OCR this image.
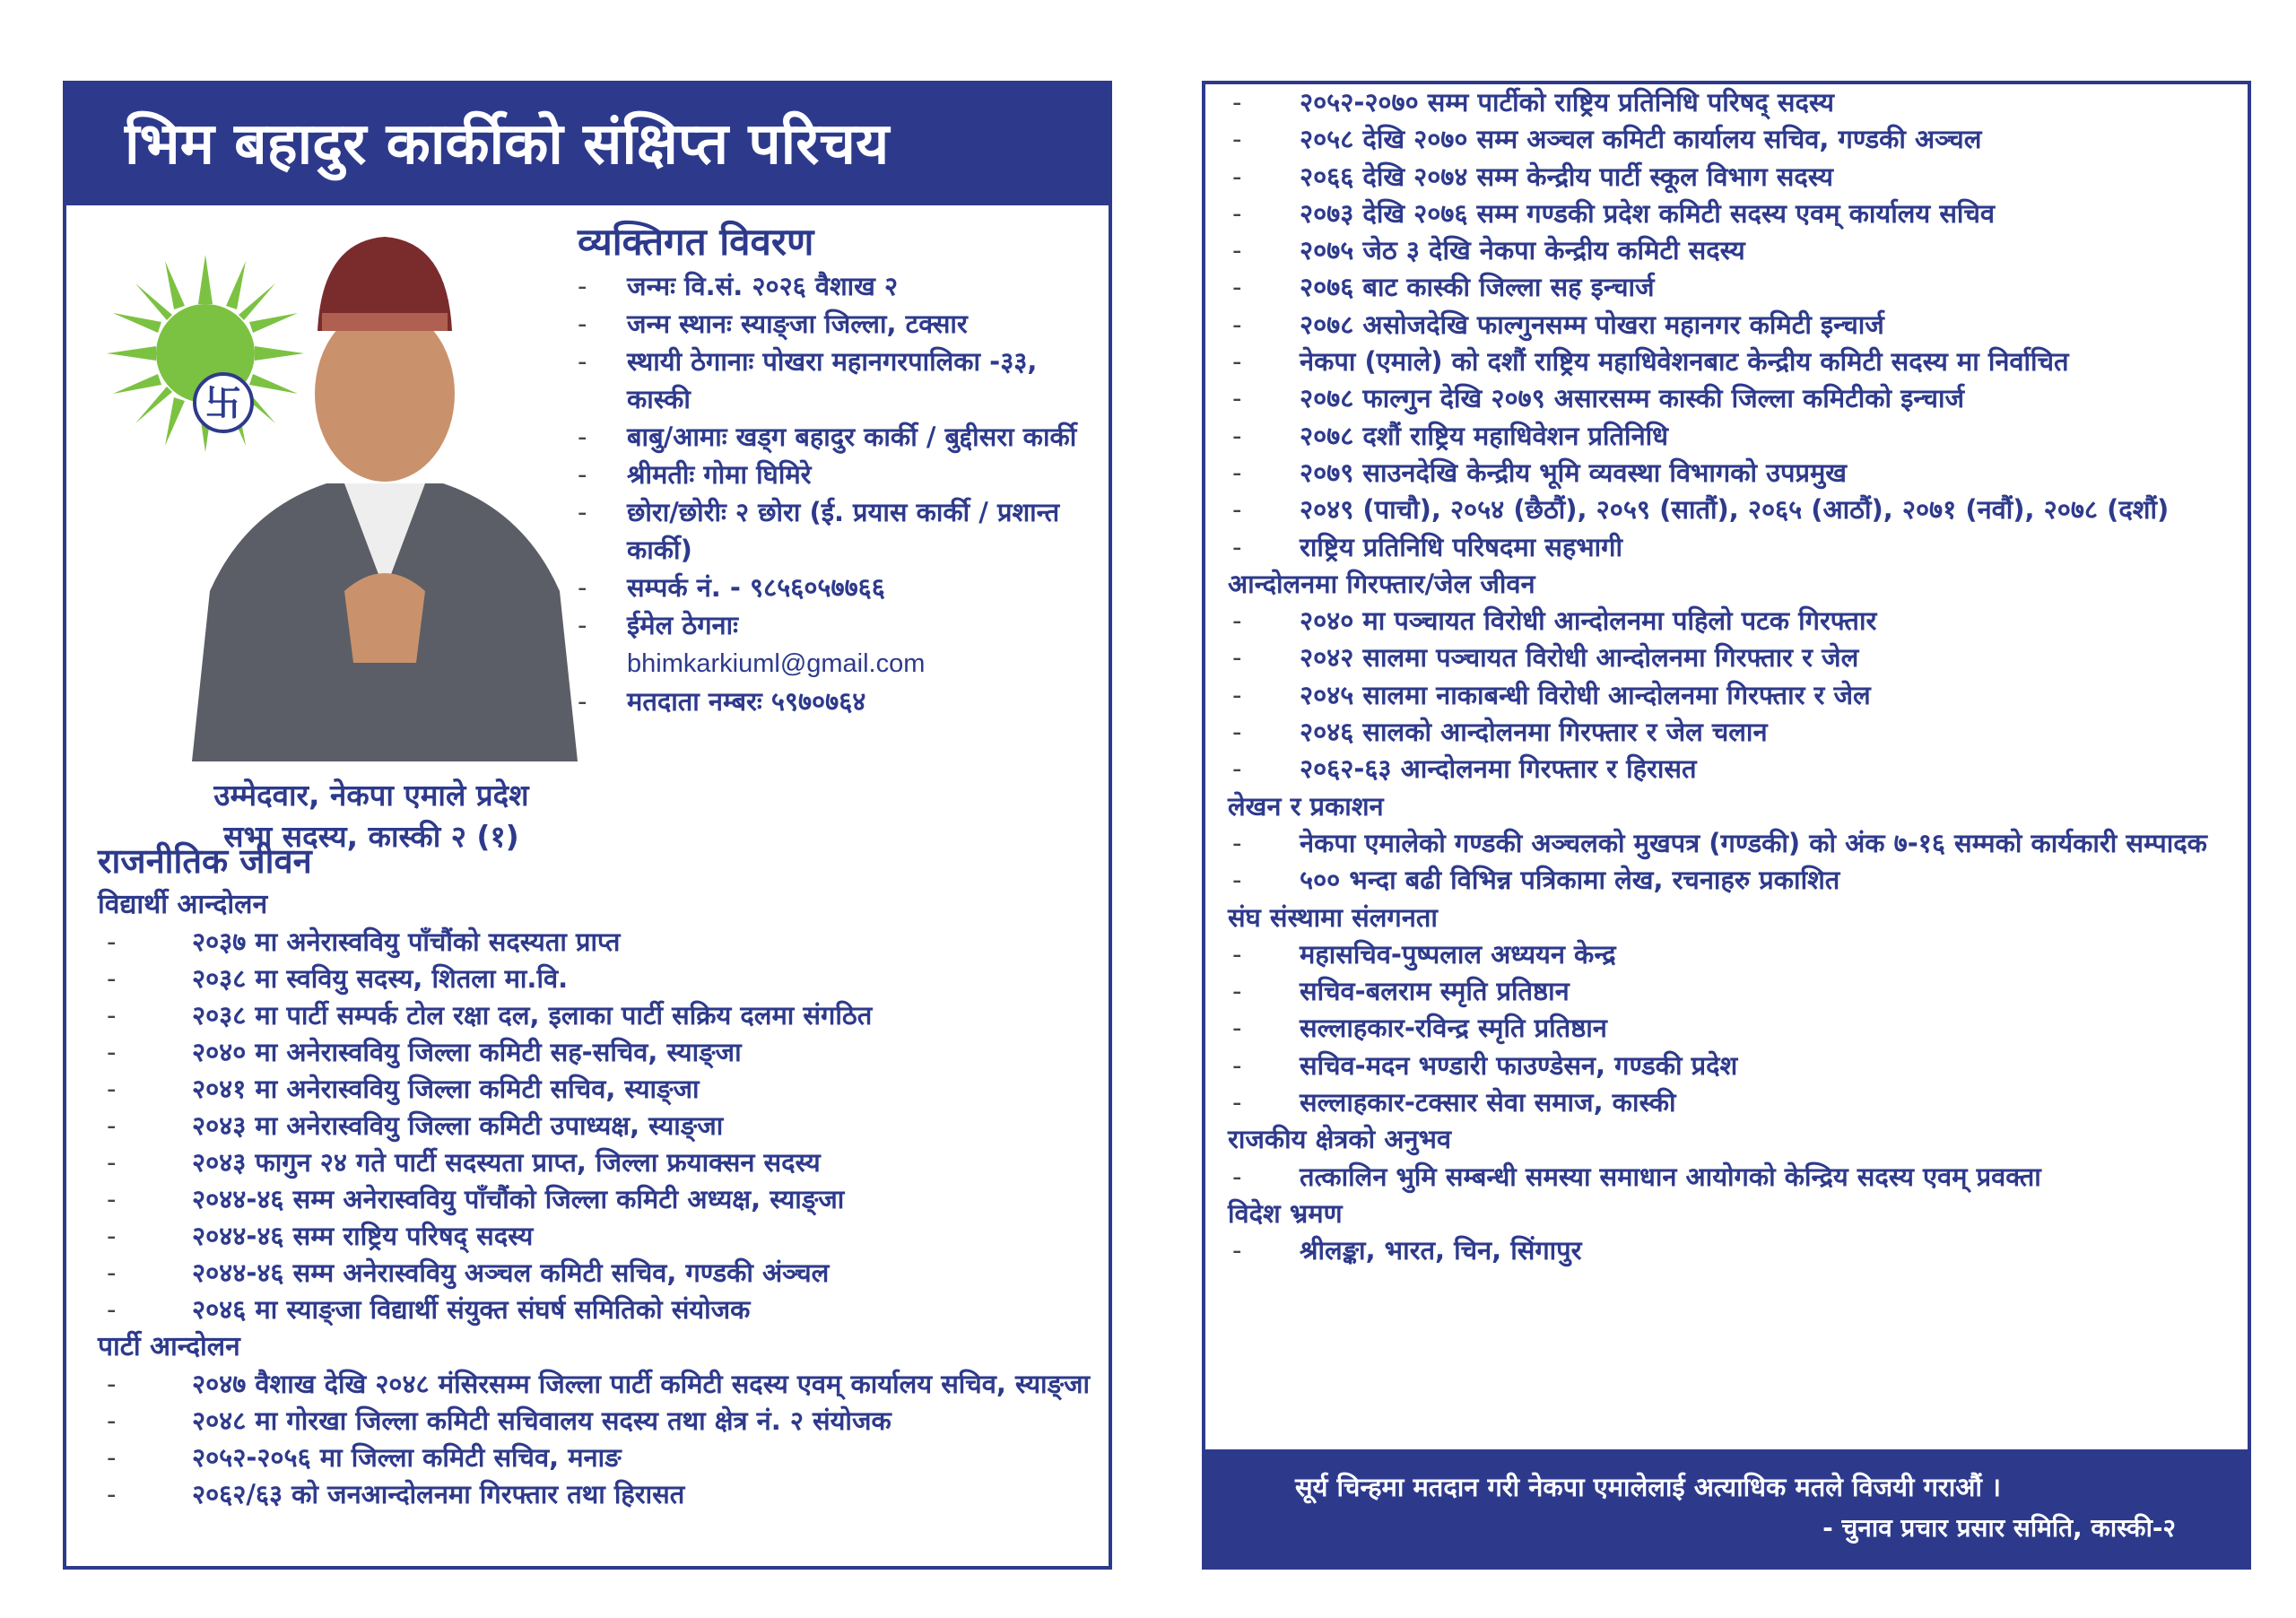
भिम बहादुर कार्कीको संक्षिप्त परिचय
卐
उम्मेदवार, नेकपा एमाले प्रदेश
सभा सदस्य, कास्की २ (१)
व्यक्तिगत विवरण
- जन्मः वि.सं. २०२६ वैशाख २
- जन्म स्थानः स्याङ्जा जिल्ला, टक्सार
- स्थायी ठेगानाः पोखरा महानगरपालिका -३३, कास्की
- बाबु/आमाः खड्ग बहादुर कार्की / बुद्दीसरा कार्की
- श्रीमतीः गोमा घिमिरे
- छोरा/छोरीः २ छोरा (ई. प्रयास कार्की / प्रशान्त कार्की)
- सम्पर्क नं. - ९८५६०५७७६६
- ईमेल ठेगनाः
bhimkarkiuml@gmail.com
- मतदाता नम्बरः ५९७०७६४
राजनीतिक जीवन
विद्यार्थी आन्दोलन
-	२०३७ मा अनेरास्ववियु पाँचौंको सदस्यता प्राप्त
-	२०३८ मा स्ववियु सदस्य, शितला मा.वि.
-	२०३८ मा पार्टी सम्पर्क टोल रक्षा दल, इलाका पार्टी सक्रिय दलमा संगठित
-	२०४० मा अनेरास्ववियु जिल्ला कमिटी सह-सचिव, स्याङ्जा
-	२०४१ मा अनेरास्ववियु जिल्ला कमिटी सचिव, स्याङ्जा
-	२०४३ मा अनेरास्ववियु जिल्ला कमिटी उपाध्यक्ष, स्याङ्जा
-	२०४३ फागुन २४ गते पार्टी सदस्यता प्राप्त, जिल्ला फ्रयाक्सन सदस्य
-	२०४४-४६ सम्म अनेरास्ववियु पाँचौंको जिल्ला कमिटी अध्यक्ष, स्याङ्जा
-	२०४४-४६ सम्म राष्ट्रिय परिषद् सदस्य
-	२०४४-४६ सम्म अनेरास्ववियु अञ्चल कमिटी सचिव, गण्डकी अंञ्चल
-	२०४६ मा स्याङ्जा विद्यार्थी संयुक्त संघर्ष समितिको संयोजक
पार्टी आन्दोलन
-	२०४७ वैशाख देखि २०४८ मंसिरसम्म जिल्ला पार्टी कमिटी सदस्य एवम् कार्यालय सचिव, स्याङ्जा
-	२०४८ मा गोरखा जिल्ला कमिटी सचिवालय सदस्य तथा क्षेत्र नं. २ संयोजक
-	२०५२-२०५६ मा जिल्ला कमिटी सचिव, मनाङ
-	२०६२/६३ को जनआन्दोलनमा गिरफ्तार तथा हिरासत
- २०५२-२०७० सम्म पार्टीको राष्ट्रिय प्रतिनिधि परिषद् सदस्य
- २०५८ देखि २०७० सम्म अञ्चल कमिटी कार्यालय सचिव, गण्डकी अञ्चल
- २०६६ देखि २०७४ सम्म केन्द्रीय पार्टी स्कूल विभाग सदस्य
- २०७३ देखि २०७६ सम्म गण्डकी प्रदेश कमिटी सदस्य एवम् कार्यालय सचिव
- २०७५ जेठ ३ देखि नेकपा केन्द्रीय कमिटी सदस्य
- २०७६ बाट कास्की जिल्ला सह इन्चार्ज
- २०७८ असोजदेखि फाल्गुनसम्म पोखरा महानगर कमिटी इन्चार्ज
- नेकपा (एमाले) को दशौं राष्ट्रिय महाधिवेशनबाट केन्द्रीय कमिटी सदस्य मा निर्वाचित
- २०७८ फाल्गुन देखि २०७९ असारसम्म कास्की जिल्ला कमिटीको इन्चार्ज
- २०७८ दशौं राष्ट्रिय महाधिवेशन प्रतिनिधि
- २०७९ साउनदेखि केन्द्रीय भूमि व्यवस्था विभागको उपप्रमुख
- २०४९ (पाचौ), २०५४ (छैठौं), २०५९ (सातौं), २०६५ (आठौं), २०७१ (नवौं), २०७८ (दशौं)
- राष्ट्रिय प्रतिनिधि परिषदमा सहभागी
आन्दोलनमा गिरफ्तार/जेल जीवन
- २०४० मा पञ्चायत विरोधी आन्दोलनमा पहिलो पटक गिरफ्तार
- २०४२ सालमा पञ्चायत विरोधी आन्दोलनमा गिरफ्तार र जेल
- २०४५ सालमा नाकाबन्धी विरोधी आन्दोलनमा गिरफ्तार र जेल
- २०४६ सालको आन्दोलनमा गिरफ्तार र जेल चलान
- २०६२-६३ आन्दोलनमा गिरफ्तार र हिरासत
लेखन र प्रकाशन
- नेकपा एमालेको गण्डकी अञ्चलको मुखपत्र (गण्डकी) को अंक ७-१६ सम्मको कार्यकारी सम्पादक
- ५०० भन्दा बढी विभिन्न पत्रिकामा लेख, रचनाहरु प्रकाशित
संघ संस्थामा संलगनता
- महासचिव-पुष्पलाल अध्ययन केन्द्र
- सचिव-बलराम स्मृति प्रतिष्ठान
- सल्लाहकार-रविन्द्र स्मृति प्रतिष्ठान
- सचिव-मदन भण्डारी फाउण्डेसन, गण्डकी प्रदेश
- सल्लाहकार-टक्सार सेवा समाज, कास्की
राजकीय क्षेत्रको अनुभव
- तत्कालिन भुमि सम्बन्धी समस्या समाधान आयोगको केन्द्रिय सदस्य एवम् प्रवक्ता
विदेश भ्रमण
- श्रीलङ्का, भारत, चिन, सिंगापुर
सूर्य चिन्हमा मतदान गरी नेकपा एमालेलाई अत्याधिक मतले विजयी गराऔं ।
- चुनाव प्रचार प्रसार समिति, कास्की-२
